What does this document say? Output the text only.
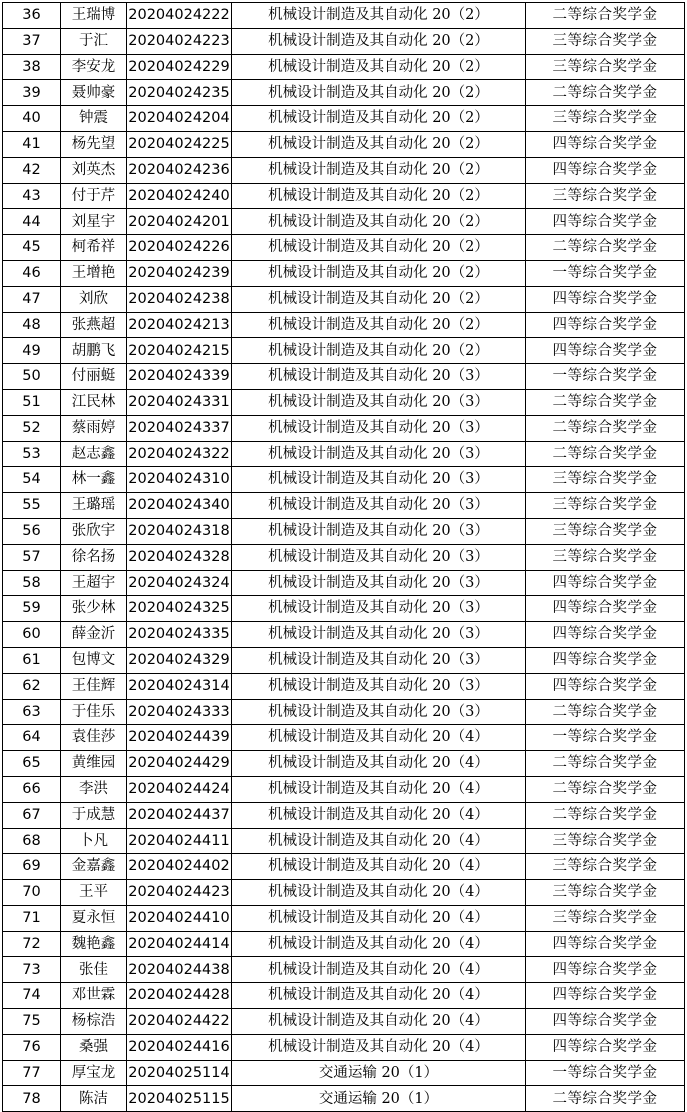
36	王瑞博	20204024222	机械设计制造及其自动化 20（2）	二等综合奖学金
37	于汇	20204024223	机械设计制造及其自动化 20（2）	三等综合奖学金
38	李安龙	20204024229	机械设计制造及其自动化 20（2）	三等综合奖学金
39	聂帅豪	20204024235	机械设计制造及其自动化 20（2）	二等综合奖学金
40	钟震	20204024204	机械设计制造及其自动化 20（2）	三等综合奖学金
41	杨先望	20204024225	机械设计制造及其自动化 20（2）	四等综合奖学金
42	刘英杰	20204024236	机械设计制造及其自动化 20（2）	四等综合奖学金
43	付于芹	20204024240	机械设计制造及其自动化 20（2）	三等综合奖学金
44	刘星宇	20204024201	机械设计制造及其自动化 20（2）	四等综合奖学金
45	柯希祥	20204024226	机械设计制造及其自动化 20（2）	二等综合奖学金
46	王增艳	20204024239	机械设计制造及其自动化 20（2）	一等综合奖学金
47	刘欣	20204024238	机械设计制造及其自动化 20（2）	四等综合奖学金
48	张燕超	20204024213	机械设计制造及其自动化 20（2）	四等综合奖学金
49	胡鹏飞	20204024215	机械设计制造及其自动化 20（2）	四等综合奖学金
50	付丽蜓	20204024339	机械设计制造及其自动化 20（3）	一等综合奖学金
51	江民林	20204024331	机械设计制造及其自动化 20（3）	二等综合奖学金
52	蔡雨婷	20204024337	机械设计制造及其自动化 20（3）	二等综合奖学金
53	赵志鑫	20204024322	机械设计制造及其自动化 20（3）	二等综合奖学金
54	林一鑫	20204024310	机械设计制造及其自动化 20（3）	三等综合奖学金
55	王璐瑶	20204024340	机械设计制造及其自动化 20（3）	三等综合奖学金
56	张欣宇	20204024318	机械设计制造及其自动化 20（3）	三等综合奖学金
57	徐名扬	20204024328	机械设计制造及其自动化 20（3）	三等综合奖学金
58	王超宇	20204024324	机械设计制造及其自动化 20（3）	四等综合奖学金
59	张少林	20204024325	机械设计制造及其自动化 20（3）	四等综合奖学金
60	薛金沂	20204024335	机械设计制造及其自动化 20（3）	四等综合奖学金
61	包博文	20204024329	机械设计制造及其自动化 20（3）	四等综合奖学金
62	王佳辉	20204024314	机械设计制造及其自动化 20（3）	四等综合奖学金
63	于佳乐	20204024333	机械设计制造及其自动化 20（3）	二等综合奖学金
64	袁佳莎	20204024439	机械设计制造及其自动化 20（4）	一等综合奖学金
65	黄维园	20204024429	机械设计制造及其自动化 20（4）	二等综合奖学金
66	李洪	20204024424	机械设计制造及其自动化 20（4）	二等综合奖学金
67	于成慧	20204024437	机械设计制造及其自动化 20（4）	二等综合奖学金
68	卜凡	20204024411	机械设计制造及其自动化 20（4）	三等综合奖学金
69	金嘉鑫	20204024402	机械设计制造及其自动化 20（4）	三等综合奖学金
70	王平	20204024423	机械设计制造及其自动化 20（4）	三等综合奖学金
71	夏永恒	20204024410	机械设计制造及其自动化 20（4）	三等综合奖学金
72	魏艳鑫	20204024414	机械设计制造及其自动化 20（4）	四等综合奖学金
73	张佳	20204024438	机械设计制造及其自动化 20（4）	四等综合奖学金
74	邓世霖	20204024428	机械设计制造及其自动化 20（4）	四等综合奖学金
75	杨棕浩	20204024422	机械设计制造及其自动化 20（4）	四等综合奖学金
76	桑强	20204024416	机械设计制造及其自动化 20（4）	四等综合奖学金
77	厚宝龙	20204025114	交通运输 20（1）	一等综合奖学金
78	陈洁	20204025115	交通运输 20（1）	二等综合奖学金
